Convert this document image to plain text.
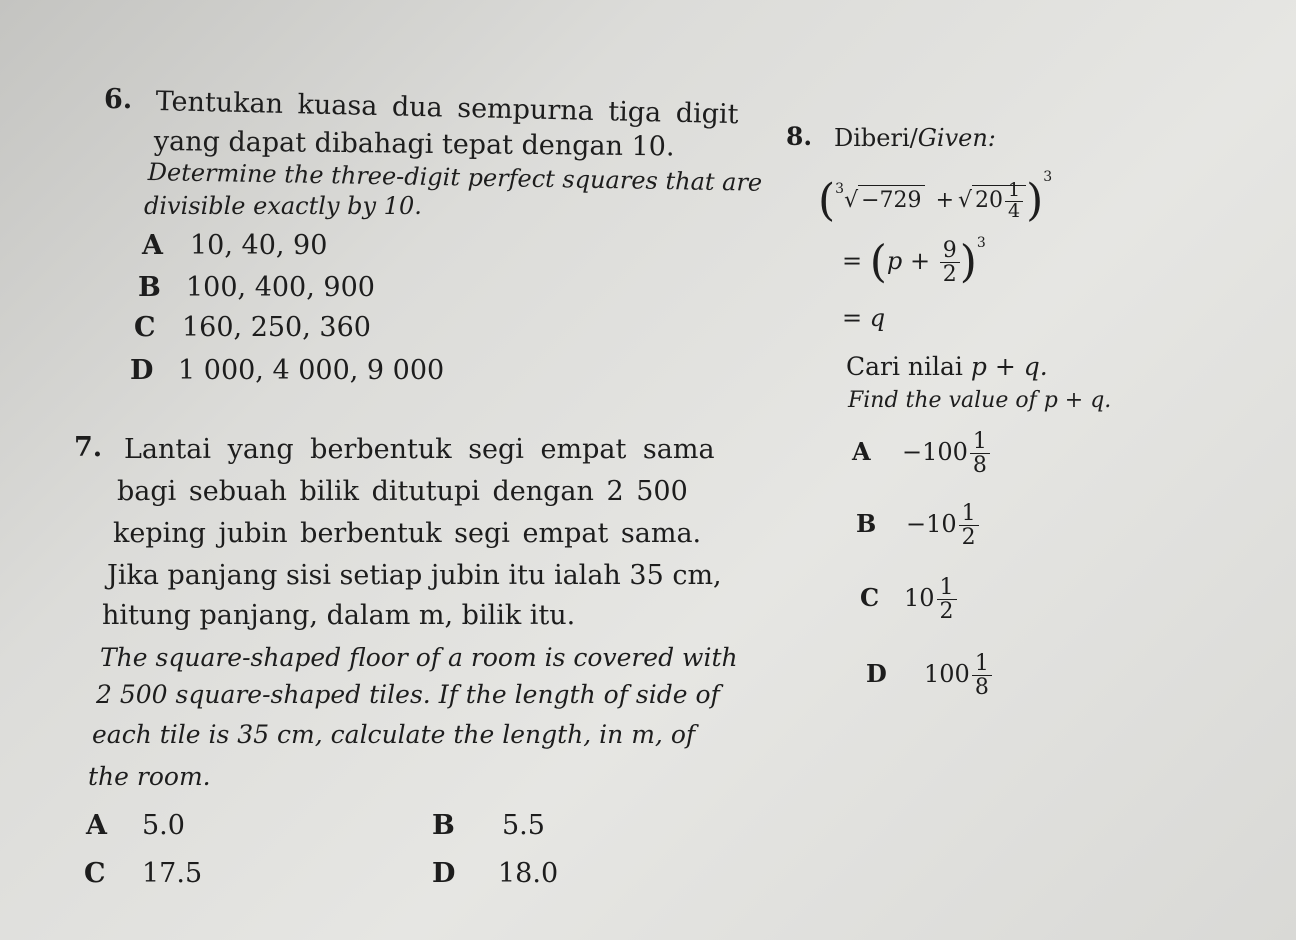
6. Tentukan kuasa dua sempurna tiga digit
yang dapat dibahagi tepat dengan 10.
Determine the three-digit perfect squares that are
divisible exactly by 10.
A 10, 40, 90
B 100, 400, 900
C 160, 250, 360
D 1 000, 4 000, 9 000
7. Lantai yang berbentuk segi empat sama
bagi sebuah bilik ditutupi dengan 2 500
keping jubin berbentuk segi empat sama.
Jika panjang sisi setiap jubin itu ialah 35 cm,
hitung panjang, dalam m, bilik itu.
The square-shaped floor of a room is covered with
2 500 square-shaped tiles. If the length of side of
each tile is 35 cm, calculate the length, in m, of
the room.
A 5.0	B 5.5
C 17.5	D 18.0
8. Diberi/Given:
($^3$√ −729 + √ $20 \frac{1}{4} )^3$
= $(p + \frac{9}{2} )^3$
= q
Cari nilai p + q.
Find the value of p + q.
$A -100 \frac{1}{8}$
$B -10 \frac{1}{2}$
C $10 \frac{1}{2}$
D $100 \frac{1}{8}$
